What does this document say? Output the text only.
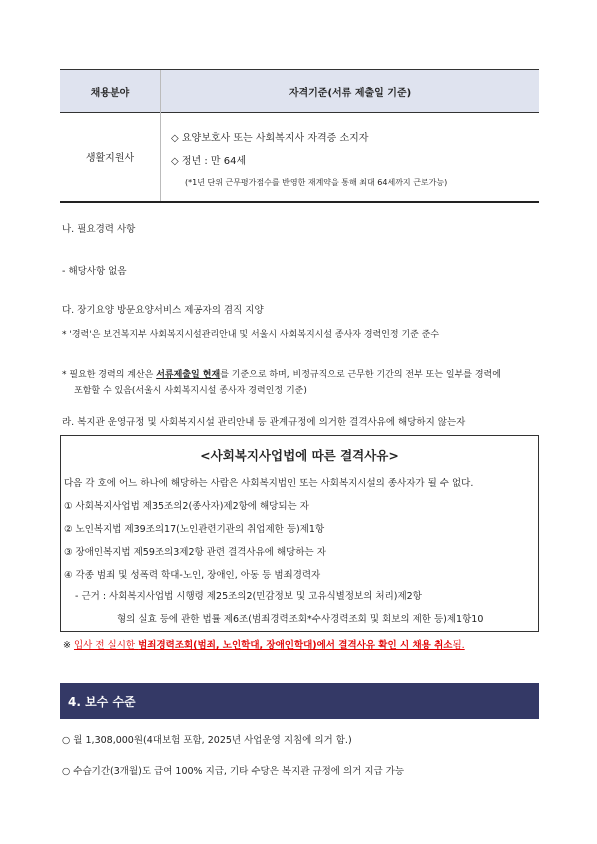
채용분야	자격기준(서류 제출일 기준)
생활지원사
◇ 요양보호사 또는 사회복지사 자격증 소지자
◇ 정년 : 만 64세
(*1년 단위 근무평가점수를 반영한 재계약을 통해 최대 64세까지 근로가능)
나. 필요경력 사항
- 해당사항 없음
다. 장기요양 방문요양서비스 제공자의 겸직 지양
* '경력'은 보건복지부 사회복지시설관리안내 및 서울시 사회복지시설 종사자 경력인정 기준 준수
* 필요한 경력의 계산은 서류제출일 현재를 기준으로 하며, 비정규직으로 근무한 기간의 전부 또는 일부를 경력에
포함할 수 있음(서울시 사회복지시설 종사자 경력인정 기준)
라. 복지관 운영규정 및 사회복지시설 관리안내 등 관계규정에 의거한 결격사유에 해당하지 않는자
<사회복지사업법에 따른 결격사유>
다음 각 호에 어느 하나에 해당하는 사람은 사회복지법인 또는 사회복지시설의 종사자가 될 수 없다.
① 사회복지사업법 제35조의2(종사자)제2항에 해당되는 자
② 노인복지법 제39조의17(노인관련기관의 취업제한 등)제1항
③ 장애인복지법 제59조의3제2항 관련 결격사유에 해당하는 자
④ 각종 범죄 및 성폭력 학대-노인, 장애인, 아동 등 범죄경력자
- 근거 : 사회복지사업법 시행령 제25조의2(민감정보 및 고유식별정보의 처리)제2항
형의 실효 등에 관한 법률 제6조(범죄경력조회*수사경력조회 및 회보의 제한 등)제1항10
※ 입사 전 실시한 범죄경력조회(범죄, 노인학대, 장애인학대)에서 결격사유 확인 시 채용 취소됨.
4. 보수 수준
○ 월 1,308,000원(4대보험 포함, 2025년 사업운영 지침에 의거 함.)
○ 수습기간(3개월)도 급여 100% 지급, 기타 수당은 복지관 규정에 의거 지급 가능
